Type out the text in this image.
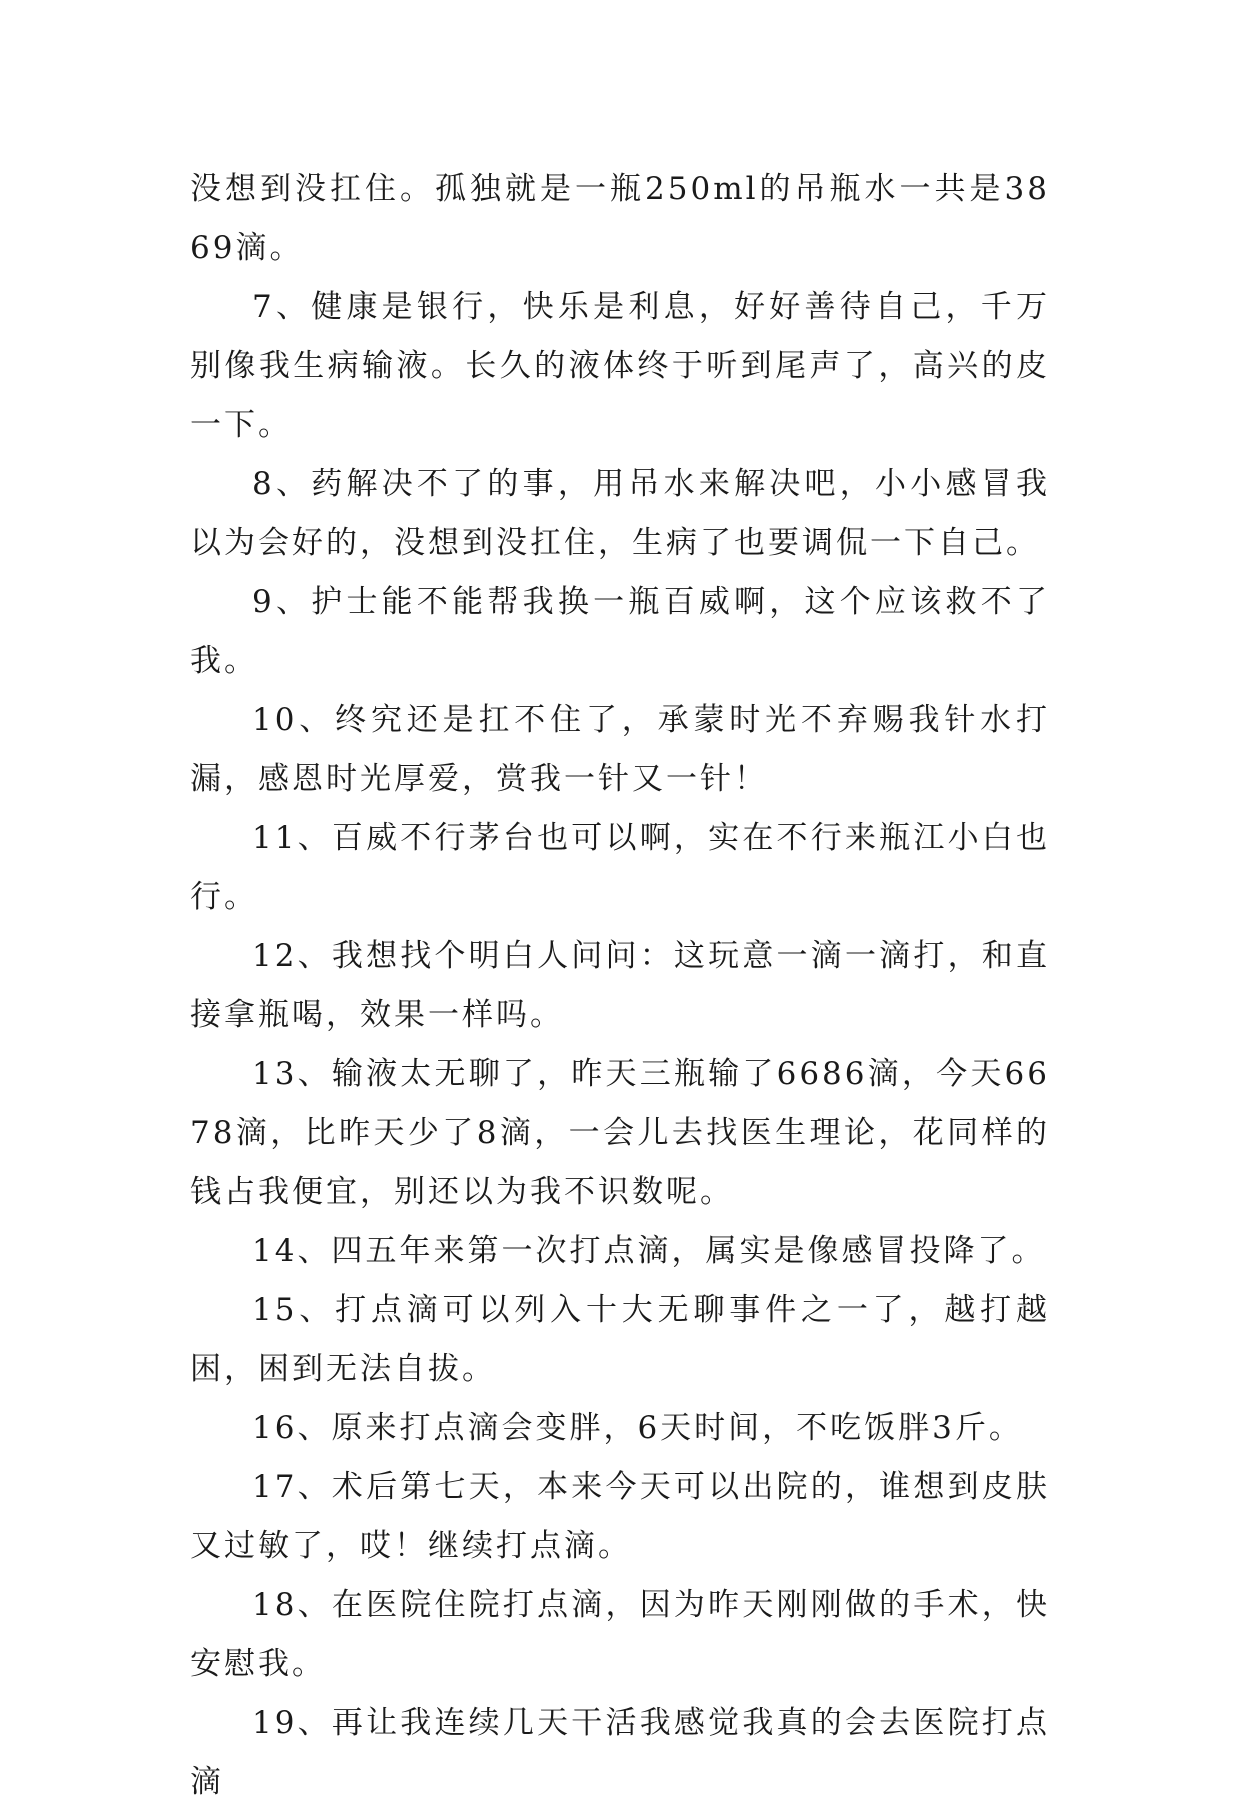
没想到没扛住。孤独就是一瓶250ml的吊瓶水一共是3869滴。

7、健康是银行，快乐是利息，好好善待自己，千万别像我生病输液。长久的液体终于听到尾声了，高兴的皮一下。

8、药解决不了的事，用吊水来解决吧，小小感冒我以为会好的，没想到没扛住，生病了也要调侃一下自己。

9、护士能不能帮我换一瓶百威啊，这个应该救不了我。

10、终究还是扛不住了，承蒙时光不弃赐我针水打漏，感恩时光厚爱，赏我一针又一针！

11、百威不行茅台也可以啊，实在不行来瓶江小白也行。

12、我想找个明白人问问：这玩意一滴一滴打，和直接拿瓶喝，效果一样吗。

13、输液太无聊了，昨天三瓶输了6686滴，今天6678滴，比昨天少了8滴，一会儿去找医生理论，花同样的钱占我便宜，别还以为我不识数呢。

14、四五年来第一次打点滴，属实是像感冒投降了。

15、打点滴可以列入十大无聊事件之一了，越打越困，困到无法自拔。

16、原来打点滴会变胖，6天时间，不吃饭胖3斤。

17、术后第七天，本来今天可以出院的，谁想到皮肤又过敏了，哎！继续打点滴。

18、在医院住院打点滴，因为昨天刚刚做的手术，快安慰我。

19、再让我连续几天干活我感觉我真的会去医院打点滴
